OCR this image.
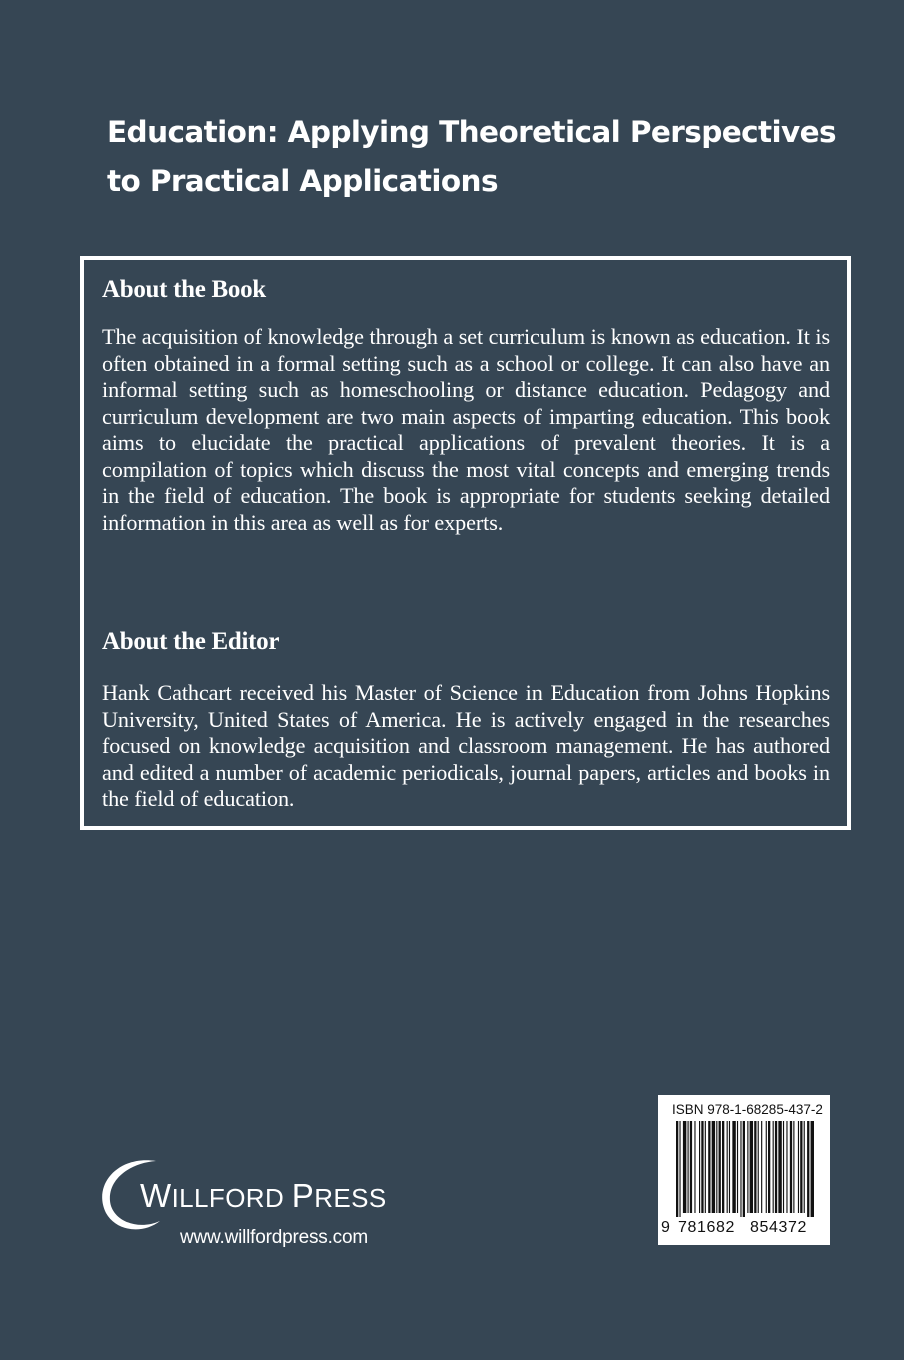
Education: Applying Theoretical Perspectives
to Practical Applications
About the Book
The acquisition of knowledge through a set curriculum is known as education. It is often obtained in a formal setting such as a school or college. It can also have an informal setting such as homeschooling or distance education. Pedagogy and curriculum development are two main aspects of imparting education. This book aims to elucidate the practical applications of prevalent theories. It is a compilation of topics which discuss the most vital concepts and emerging trends in the field of education. The book is appropriate for students seeking detailed information in this area as well as for experts.
About the Editor
Hank Cathcart received his Master of Science in Education from Johns Hopkins University, United States of America. He is actively engaged in the researches focused on knowledge acquisition and classroom management. He has authored and edited a number of academic periodicals, journal papers, articles and books in the field of education.
WILLFORD PRESS
www.willfordpress.com
ISBN 978-1-68285-437-2
9 781682 854372
